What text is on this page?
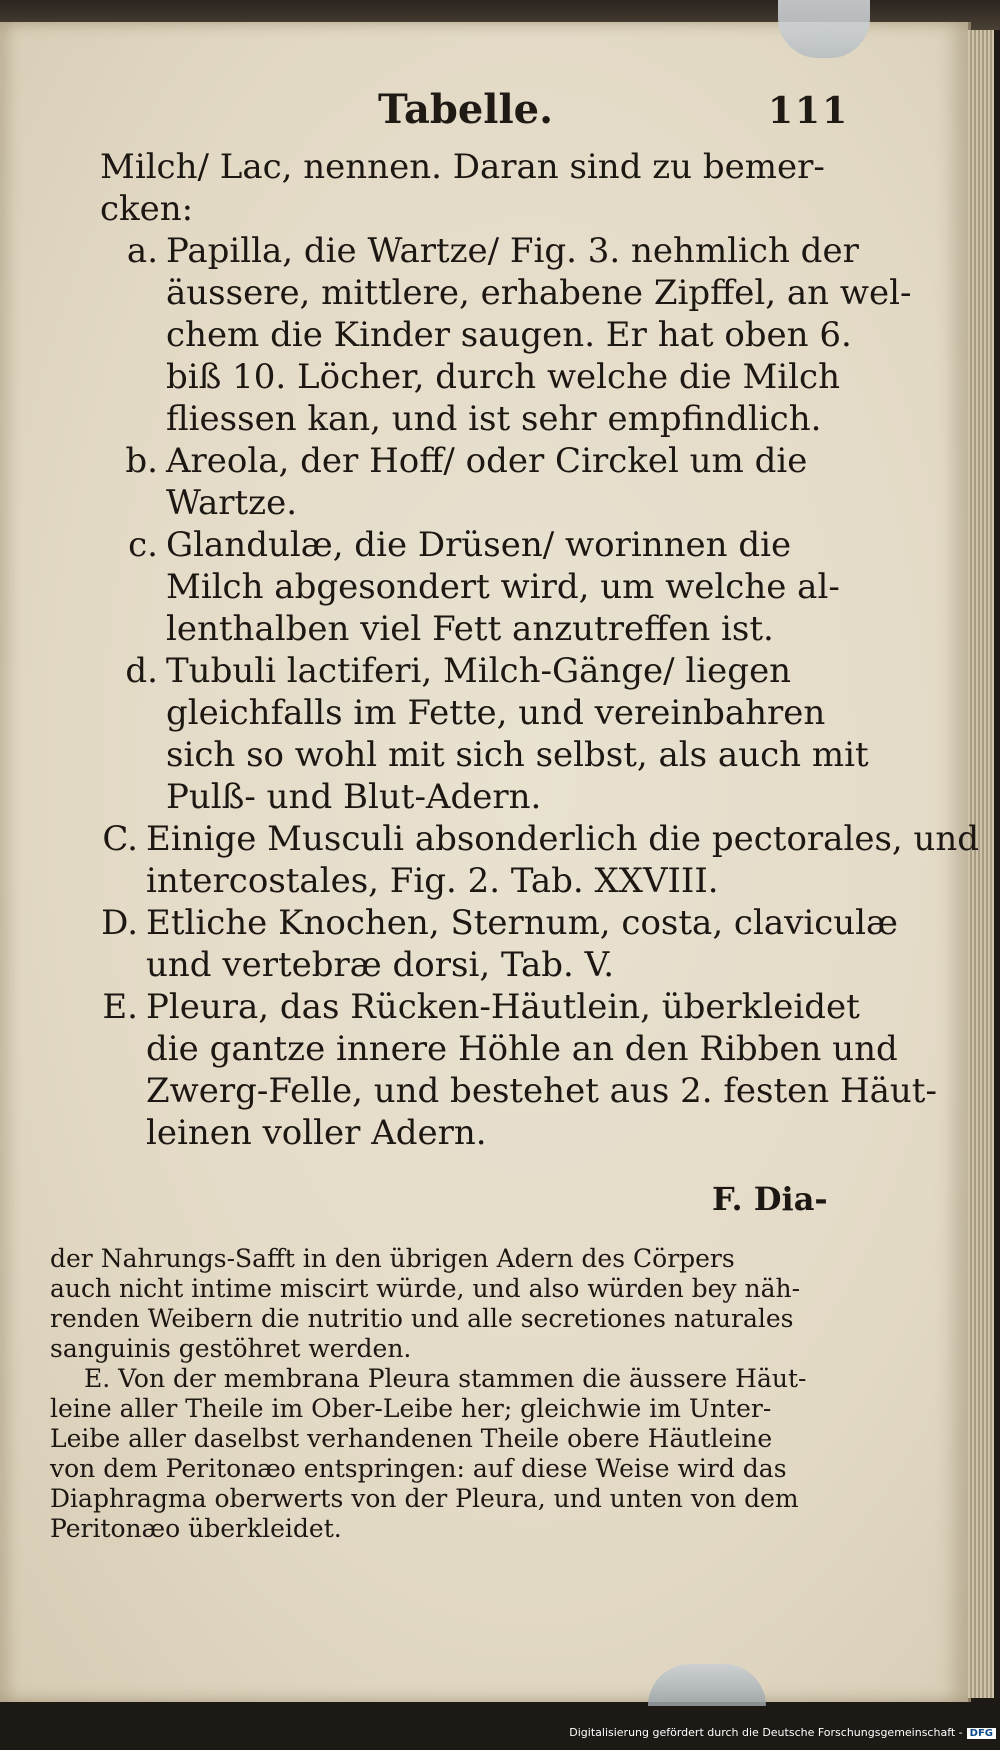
Tabelle.	111
Milch/ Lac, nennen. Daran sind zu bemer-
cken:
a. Papilla, die Wartze/ Fig. 3. nehmlich der
äussere, mittlere, erhabene Zipffel, an wel-
chem die Kinder saugen. Er hat oben 6.
biß 10. Löcher, durch welche die Milch
fliessen kan, und ist sehr empfindlich.
b. Areola, der Hoff/ oder Circkel um die
Wartze.
c. Glandulæ, die Drüsen/ worinnen die
Milch abgesondert wird, um welche al-
lenthalben viel Fett anzutreffen ist.
d. Tubuli lactiferi, Milch-Gänge/ liegen
gleichfalls im Fette, und vereinbahren
sich so wohl mit sich selbst, als auch mit
Pulß- und Blut-Adern.
C. Einige Musculi absonderlich die pectorales, und
intercostales, Fig. 2. Tab. XXVIII.
D. Etliche Knochen, Sternum, costa, claviculæ
und vertebræ dorsi, Tab. V.
E. Pleura, das Rücken-Häutlein, überkleidet
die gantze innere Höhle an den Ribben und
Zwerg-Felle, und bestehet aus 2. festen Häut-
leinen voller Adern.
F. Dia-
der Nahrungs-Safft in den übrigen Adern des Cörpers
auch nicht intime miscirt würde, und also würden bey näh-
renden Weibern die nutritio und alle secretiones naturales
sanguinis gestöhret werden.
E. Von der membrana Pleura stammen die äussere Häut-
leine aller Theile im Ober-Leibe her; gleichwie im Unter-
Leibe aller daselbst verhandenen Theile obere Häutleine
von dem Peritonæo entspringen: auf diese Weise wird das
Diaphragma oberwerts von der Pleura, und unten von dem
Peritonæo überkleidet.
Digitalisierung gefördert durch die Deutsche Forschungsgemeinschaft - DFG
